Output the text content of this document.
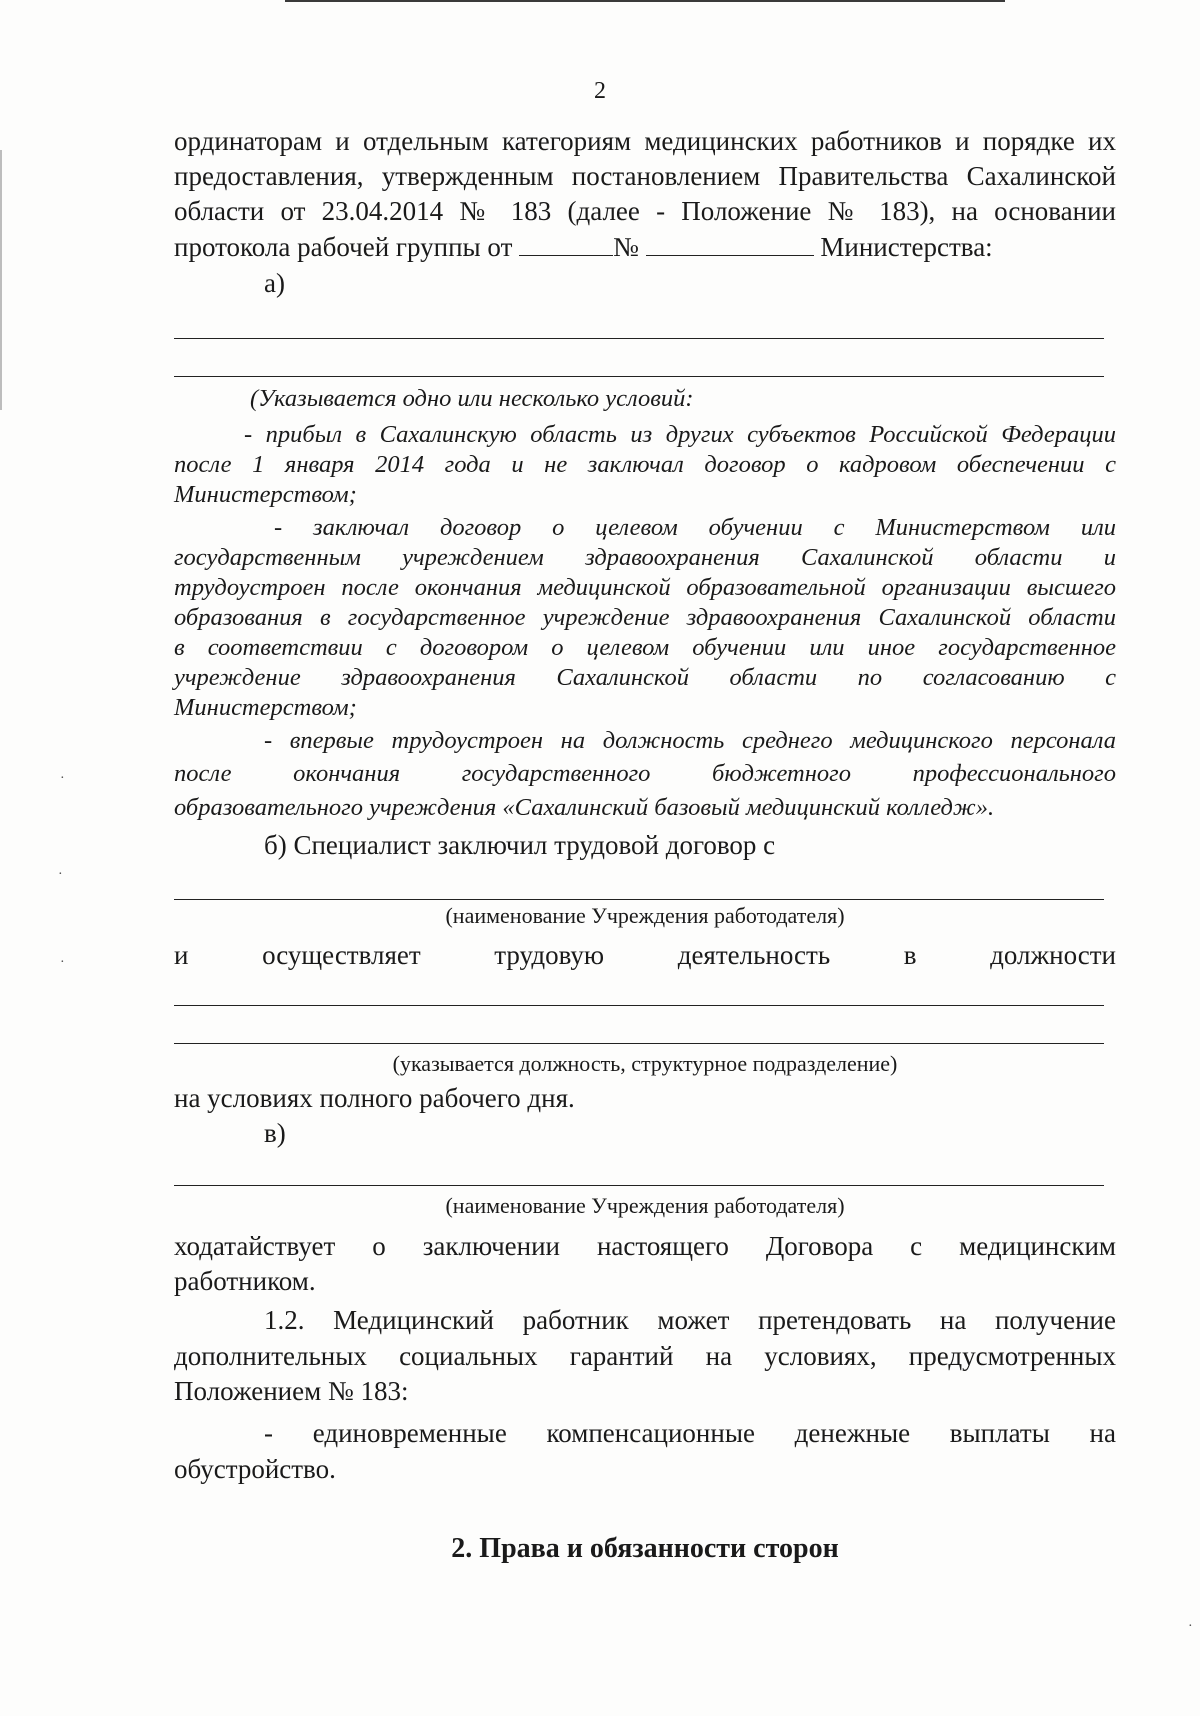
2
ординаторам и отдельным категориям медицинских работников и порядке их
предоставления, утвержденным постановлением Правительства Сахалинской
области от 23.04.2014 № 183 (далее - Положение № 183), на основании
протокола рабочей группы от	№	Министерства:
а)
(Указывается одно или несколько условий:
- прибыл в Сахалинскую область из других субъектов Российской Федерации
после 1 января 2014 года и не заключал договор о кадровом обеспечении с
Министерством;
- заключал договор о целевом обучении с Министерством или
государственным учреждением здравоохранения Сахалинской области и
трудоустроен после окончания медицинской образовательной организации высшего
образования в государственное учреждение здравоохранения Сахалинской области
в соответствии с договором о целевом обучении или иное государственное
учреждение здравоохранения Сахалинской области по согласованию с
Министерством;
- впервые трудоустроен на должность среднего медицинского персонала
после окончания государственного бюджетного профессионального
образовательного учреждения «Сахалинский базовый медицинский колледж».
б) Специалист заключил трудовой договор с
(наименование Учреждения работодателя)
и осуществляет трудовую деятельность в должности
(указывается должность, структурное подразделение)
на условиях полного рабочего дня.
в)
(наименование Учреждения работодателя)
ходатайствует о заключении настоящего Договора с медицинским
работником.
1.2. Медицинский работник может претендовать на получение
дополнительных социальных гарантий на условиях, предусмотренных
Положением № 183:
- единовременные компенсационные денежные выплаты на
обустройство.
2. Права и обязанности сторон
·
·
·
·
